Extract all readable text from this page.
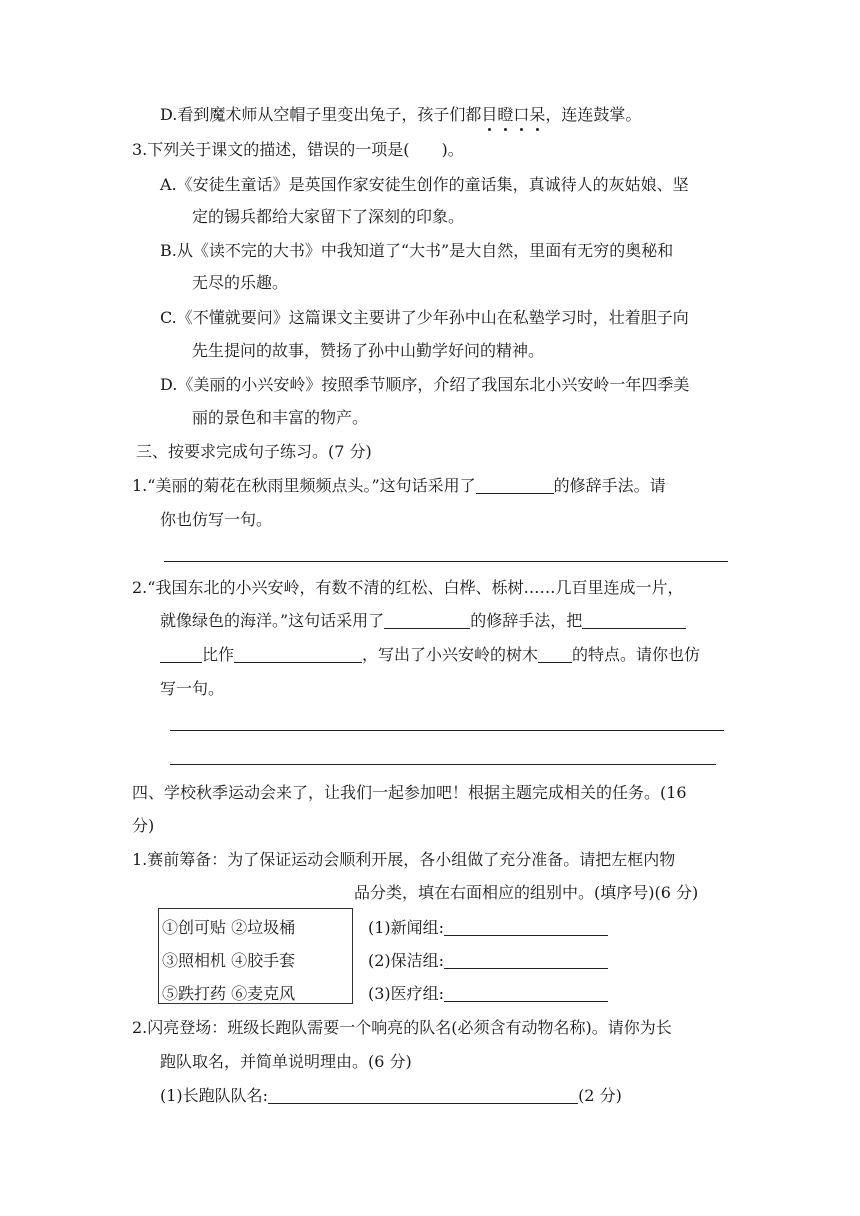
D.看到魔术师从空帽子里变出兔子，孩子们都目瞪口呆，连连鼓掌。
3.下列关于课文的描述，错误的一项是(　　)。
A.《安徒生童话》是英国作家安徒生创作的童话集，真诚待人的灰姑娘、坚
定的锡兵都给大家留下了深刻的印象。
B.从《读不完的大书》中我知道了“大书”是大自然，里面有无穷的奥秘和
无尽的乐趣。
C.《不懂就要问》这篇课文主要讲了少年孙中山在私塾学习时，壮着胆子向
先生提问的故事，赞扬了孙中山勤学好问的精神。
D.《美丽的小兴安岭》按照季节顺序，介绍了我国东北小兴安岭一年四季美
丽的景色和丰富的物产。
三、按要求完成句子练习。(7 分)
1.“美丽的菊花在秋雨里频频点头。”这句话采用了	的修辞手法。请
你也仿写一句。
2.“我国东北的小兴安岭，有数不清的红松、白桦、栎树……几百里连成一片，
就像绿色的海洋。”这句话采用了	的修辞手法，把
比作	，写出了小兴安岭的树木 的特点。请你也仿
写一句。
四、学校秋季运动会来了，让我们一起参加吧！根据主题完成相关的任务。(16
分)
1.赛前筹备：为了保证运动会顺利开展，各小组做了充分准备。请把左框内物
品分类，填在右面相应的组别中。(填序号)(6 分)
①创可贴 ②垃圾桶
③照相机 ④胶手套
⑤跌打药 ⑥麦克风
(1)新闻组:
(2)保洁组:
(3)医疗组:
2.闪亮登场：班级长跑队需要一个响亮的队名(必须含有动物名称)。请你为长
跑队取名，并简单说明理由。(6 分)
(1)长跑队队名:	(2 分)
